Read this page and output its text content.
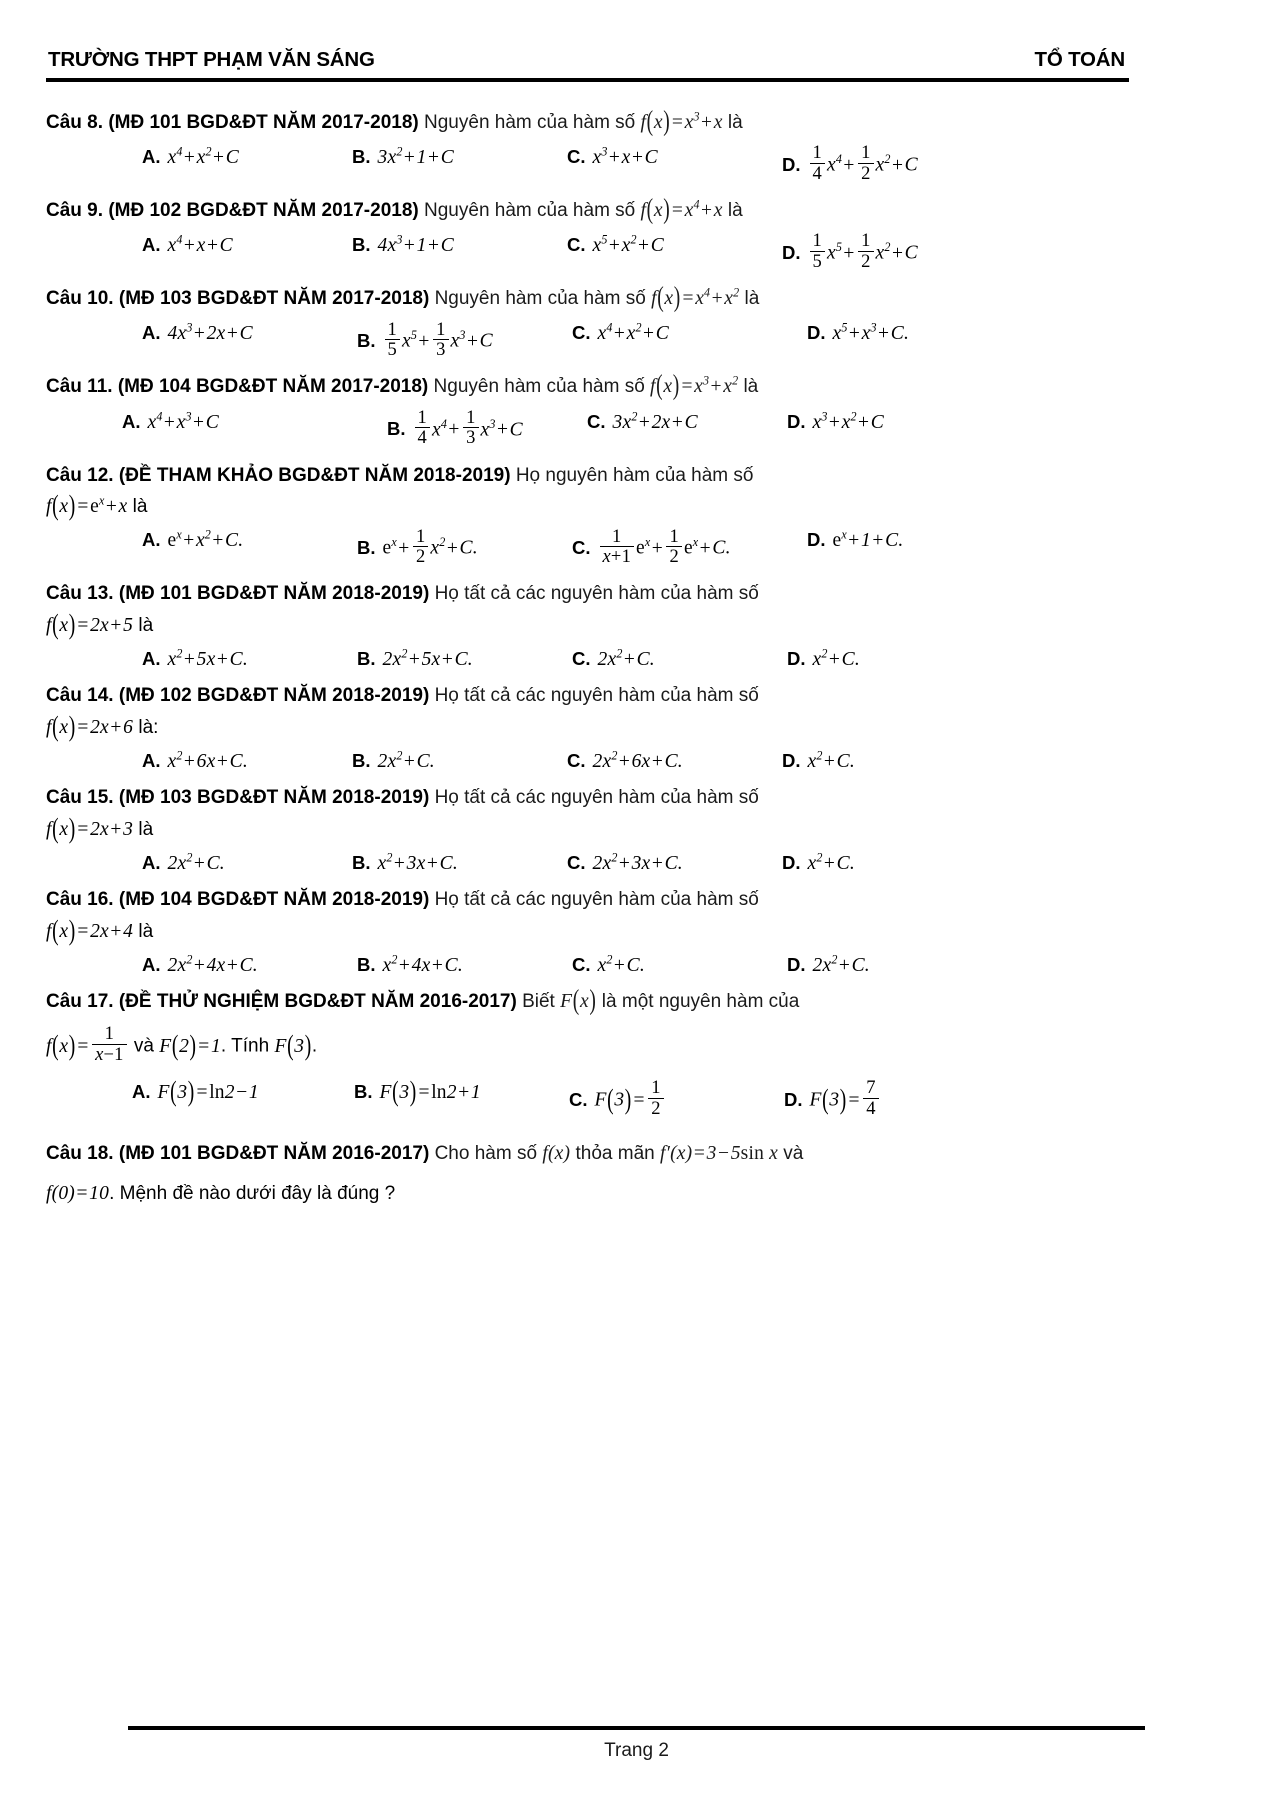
TRƯỜNG THPT PHẠM VĂN SÁNG	TỔ TOÁN
Câu 8. (MĐ 101 BGD&ĐT NĂM 2017-2018) Nguyên hàm của hàm số $f(x) =x^3+x$ là
A. $x^4+x^2+C$	B. $3x^2+1+C$	C. $x^3+x+C$	D. $\frac{1}{4} x^4+ \frac{1}{2} x^2+C$
Câu 9. (MĐ 102 BGD&ĐT NĂM 2017-2018) Nguyên hàm của hàm số $f(x) =x^4+x$ là
A. $x^4+x+C$	B. $4x^3+1+C$	C. $x^5+x^2+C$	D. $\frac{1}{5} x^5+ \frac{1}{2} x^2+C$
Câu 10. (MĐ 103 BGD&ĐT NĂM 2017-2018) Nguyên hàm của hàm số $f(x) =x^4+x^2$ là
A. $4x^3+2x+C$	B. $\frac{1}{5} x^5+ \frac{1}{3} x^3+C$	C. $x^4+x^2+C$	D. $x^5+x^3+C$.
Câu 11. (MĐ 104 BGD&ĐT NĂM 2017-2018) Nguyên hàm của hàm số $f(x) =x^3+x^2$ là
A. $x^4+x^3+C$	B. $\frac{1}{4} x^4+ \frac{1}{3} x^3+C$	C. $3x^2+2x+C$	D. $x^3+x^2+C$
Câu 12. (ĐỀ THAM KHẢO BGD&ĐT NĂM 2018-2019) Họ nguyên hàm của hàm số
$f(x) =e^x+x$ là
A. $e^x+x^2+C$.	B. $e^x+ \frac{1}{2} x^2+C$.	C. $\frac{1}{x+1} e^x+ \frac{1}{2} e^x+C$.	D. $e^x+1+C$.
Câu 13. (MĐ 101 BGD&ĐT NĂM 2018-2019) Họ tất cả các nguyên hàm của hàm số
f(x) =2x+5 là
A. $x^2+5x+C$.	B. $2x^2+5x+C$.	C. $2x^2+C$.	D. $x^2+C$.
Câu 14. (MĐ 102 BGD&ĐT NĂM 2018-2019) Họ tất cả các nguyên hàm của hàm số
f(x) =2x+6 là:
A. $x^2+6x+C$.	B. $2x^2+C$.	C. $2x^2+6x+C$.	D. $x^2+C$.
Câu 15. (MĐ 103 BGD&ĐT NĂM 2018-2019) Họ tất cả các nguyên hàm của hàm số
f(x) =2x+3 là
A. $2x^2+C$.	B. $x^2+3x+C$.	C. $2x^2+3x+C$.	D. $x^2+C$.
Câu 16. (MĐ 104 BGD&ĐT NĂM 2018-2019) Họ tất cả các nguyên hàm của hàm số
f(x) =2x+4 là
A. $2x^2+4x+C$.	B. $x^2+4x+C$.	C. $x^2+C$.	D. $2x^2+C$.
Câu 17. (ĐỀ THỬ NGHIỆM BGD&ĐT NĂM 2016-2017) Biết F(x) là một nguyên hàm của
$f(x) = \frac{1}{x-1}$ và F(2) =1. Tính F(3).
A. F(3) =ln2−1	B. F(3) =ln2+1	C. $F(3) = \frac{1}{2}$	D. $F(3) = \frac{7}{4}$
Câu 18. (MĐ 101 BGD&ĐT NĂM 2016-2017) Cho hàm số f(x) thỏa mãn f′(x)=3−5sin x và
f(0)=10. Mệnh đề nào dưới đây là đúng ?
Trang 2
